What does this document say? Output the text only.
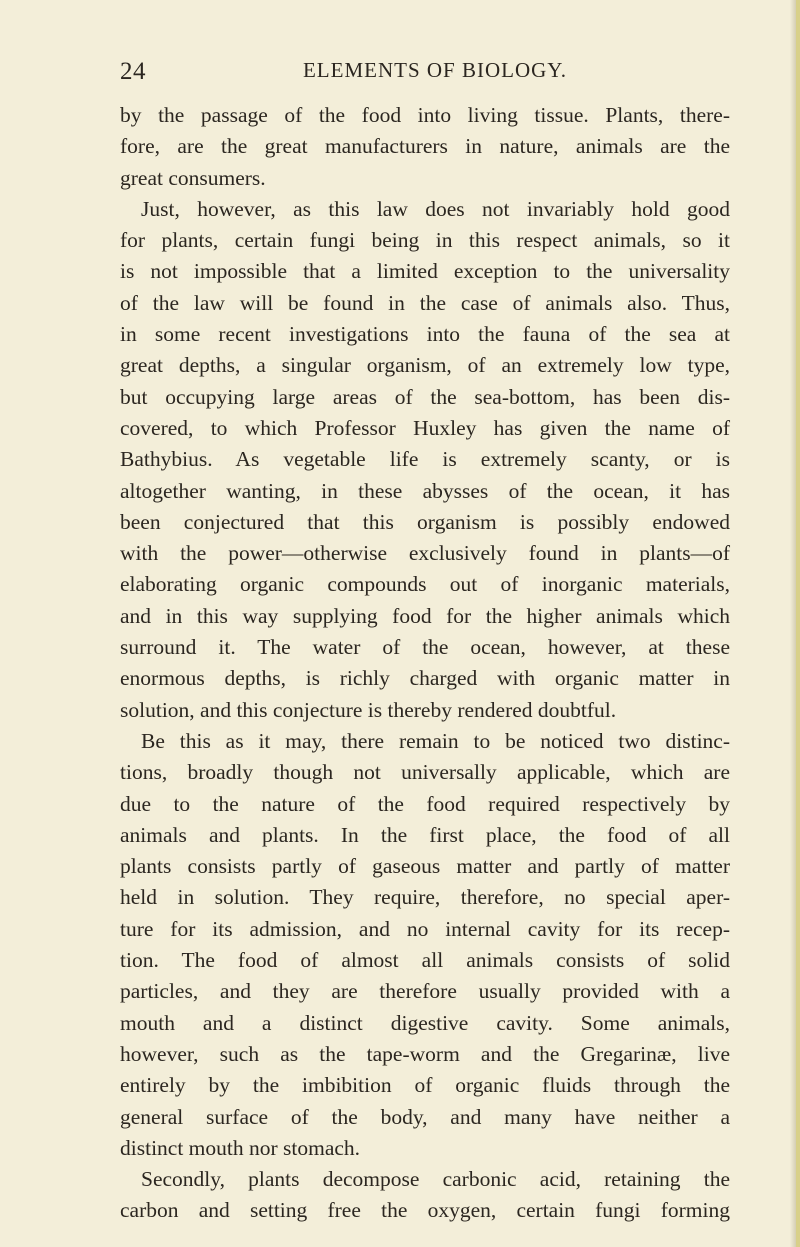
24	ELEMENTS OF BIOLOGY.
by the passage of the food into living tissue. Plants, there-
fore, are the great manufacturers in nature, animals are the
great consumers.
Just, however, as this law does not invariably hold good
for plants, certain fungi being in this respect animals, so it
is not impossible that a limited exception to the universality
of the law will be found in the case of animals also. Thus,
in some recent investigations into the fauna of the sea at
great depths, a singular organism, of an extremely low type,
but occupying large areas of the sea-bottom, has been dis-
covered, to which Professor Huxley has given the name of
Bathybius. As vegetable life is extremely scanty, or is
altogether wanting, in these abysses of the ocean, it has
been conjectured that this organism is possibly endowed
with the power—otherwise exclusively found in plants—of
elaborating organic compounds out of inorganic materials,
and in this way supplying food for the higher animals which
surround it. The water of the ocean, however, at these
enormous depths, is richly charged with organic matter in
solution, and this conjecture is thereby rendered doubtful.
Be this as it may, there remain to be noticed two distinc-
tions, broadly though not universally applicable, which are
due to the nature of the food required respectively by
animals and plants. In the first place, the food of all
plants consists partly of gaseous matter and partly of matter
held in solution. They require, therefore, no special aper-
ture for its admission, and no internal cavity for its recep-
tion. The food of almost all animals consists of solid
particles, and they are therefore usually provided with a
mouth and a distinct digestive cavity. Some animals,
however, such as the tape-worm and the Gregarinæ, live
entirely by the imbibition of organic fluids through the
general surface of the body, and many have neither a
distinct mouth nor stomach.
Secondly, plants decompose carbonic acid, retaining the
carbon and setting free the oxygen, certain fungi forming
